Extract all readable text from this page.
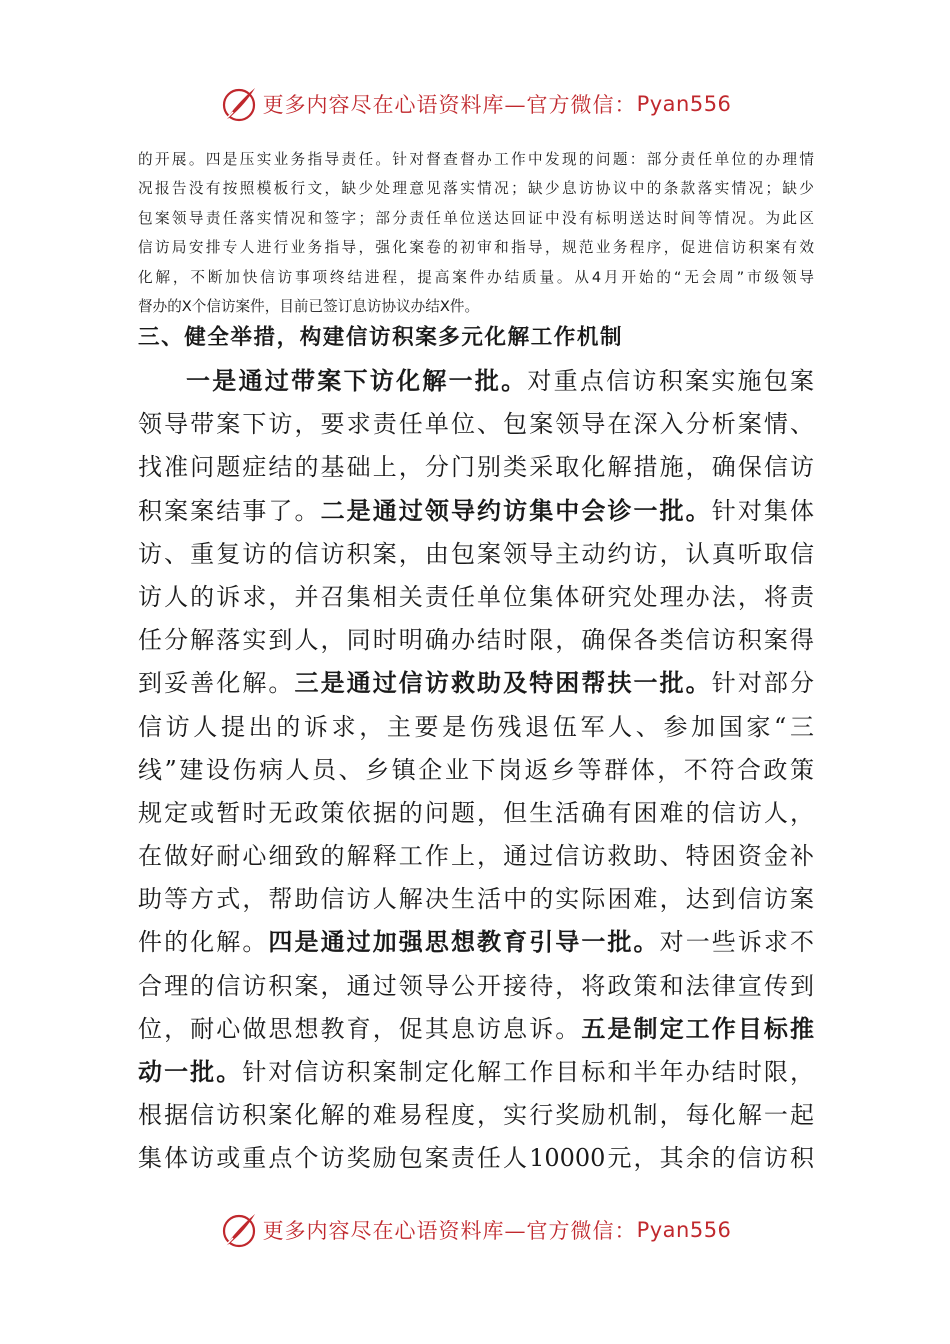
更多内容尽在心语资料库—官方微信： Pyan556
的开展。四是压实业务指导责任。针对督查督办工作中发现的问题：部分责任单位的办理情
况报告没有按照模板行文，缺少处理意见落实情况；缺少息访协议中的条款落实情况；缺少
包案领导责任落实情况和签字；部分责任单位送达回证中没有标明送达时间等情况。为此区
信访局安排专人进行业务指导，强化案卷的初审和指导，规范业务程序，促进信访积案有效
化解，不断加快信访事项终结进程，提高案件办结质量。从4月开始的“无会周”市级领导
督办的X个信访案件，目前已签订息访协议办结X件。
三、健全举措，构建信访积案多元化解工作机制
一是通过带案下访化解一批。对重点信访积案实施包案
领导带案下访，要求责任单位、包案领导在深入分析案情、
找准问题症结的基础上，分门别类采取化解措施，确保信访
积案案结事了。二是通过领导约访集中会诊一批。针对集体
访、重复访的信访积案，由包案领导主动约访，认真听取信
访人的诉求，并召集相关责任单位集体研究处理办法，将责
任分解落实到人，同时明确办结时限，确保各类信访积案得
到妥善化解。三是通过信访救助及特困帮扶一批。针对部分
信访人提出的诉求，主要是伤残退伍军人、参加国家“三
线”建设伤病人员、乡镇企业下岗返乡等群体，不符合政策
规定或暂时无政策依据的问题，但生活确有困难的信访人，
在做好耐心细致的解释工作上，通过信访救助、特困资金补
助等方式，帮助信访人解决生活中的实际困难，达到信访案
件的化解。四是通过加强思想教育引导一批。对一些诉求不
合理的信访积案，通过领导公开接待，将政策和法律宣传到
位，耐心做思想教育，促其息访息诉。五是制定工作目标推
动一批。针对信访积案制定化解工作目标和半年办结时限，
根据信访积案化解的难易程度，实行奖励机制，每化解一起
集体访或重点个访奖励包案责任人10000元，其余的信访积
更多内容尽在心语资料库—官方微信： Pyan556
